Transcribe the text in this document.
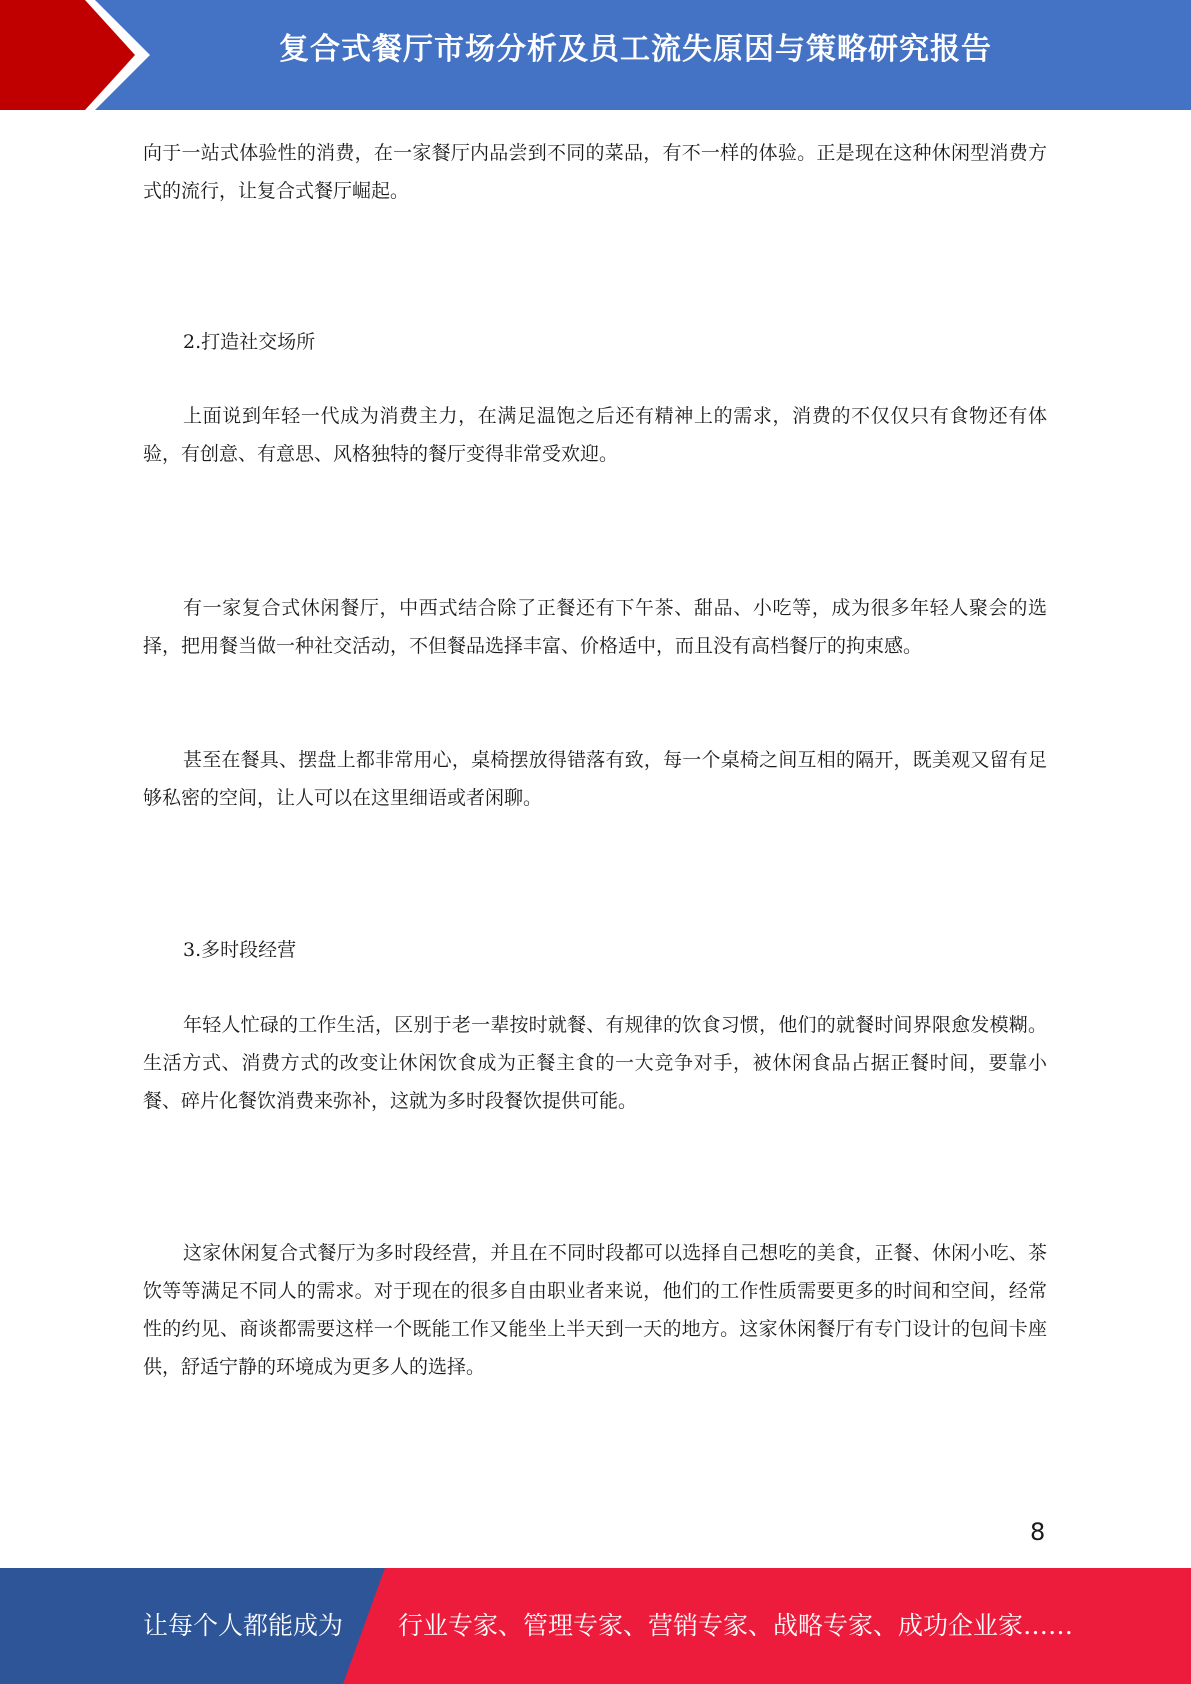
复合式餐厅市场分析及员工流失原因与策略研究报告

向于一站式体验性的消费，在一家餐厅内品尝到不同的菜品，有不一样的体验。正是现在这种休闲型消费方式的流行，让复合式餐厅崛起。

2.打造社交场所

上面说到年轻一代成为消费主力，在满足温饱之后还有精神上的需求，消费的不仅仅只有食物还有体验，有创意、有意思、风格独特的餐厅变得非常受欢迎。

有一家复合式休闲餐厅，中西式结合除了正餐还有下午茶、甜品、小吃等，成为很多年轻人聚会的选择，把用餐当做一种社交活动，不但餐品选择丰富、价格适中，而且没有高档餐厅的拘束感。

甚至在餐具、摆盘上都非常用心，桌椅摆放得错落有致，每一个桌椅之间互相的隔开，既美观又留有足够私密的空间，让人可以在这里细语或者闲聊。

3.多时段经营

年轻人忙碌的工作生活，区别于老一辈按时就餐、有规律的饮食习惯，他们的就餐时间界限愈发模糊。生活方式、消费方式的改变让休闲饮食成为正餐主食的一大竞争对手，被休闲食品占据正餐时间，要靠小餐、碎片化餐饮消费来弥补，这就为多时段餐饮提供可能。

这家休闲复合式餐厅为多时段经营，并且在不同时段都可以选择自己想吃的美食，正餐、休闲小吃、茶饮等等满足不同人的需求。对于现在的很多自由职业者来说，他们的工作性质需要更多的时间和空间，经常性的约见、商谈都需要这样一个既能工作又能坐上半天到一天的地方。这家休闲餐厅有专门设计的包间卡座供，舒适宁静的环境成为更多人的选择。

8
让每个人都能成为 行业专家、管理专家、营销专家、战略专家、成功企业家……
